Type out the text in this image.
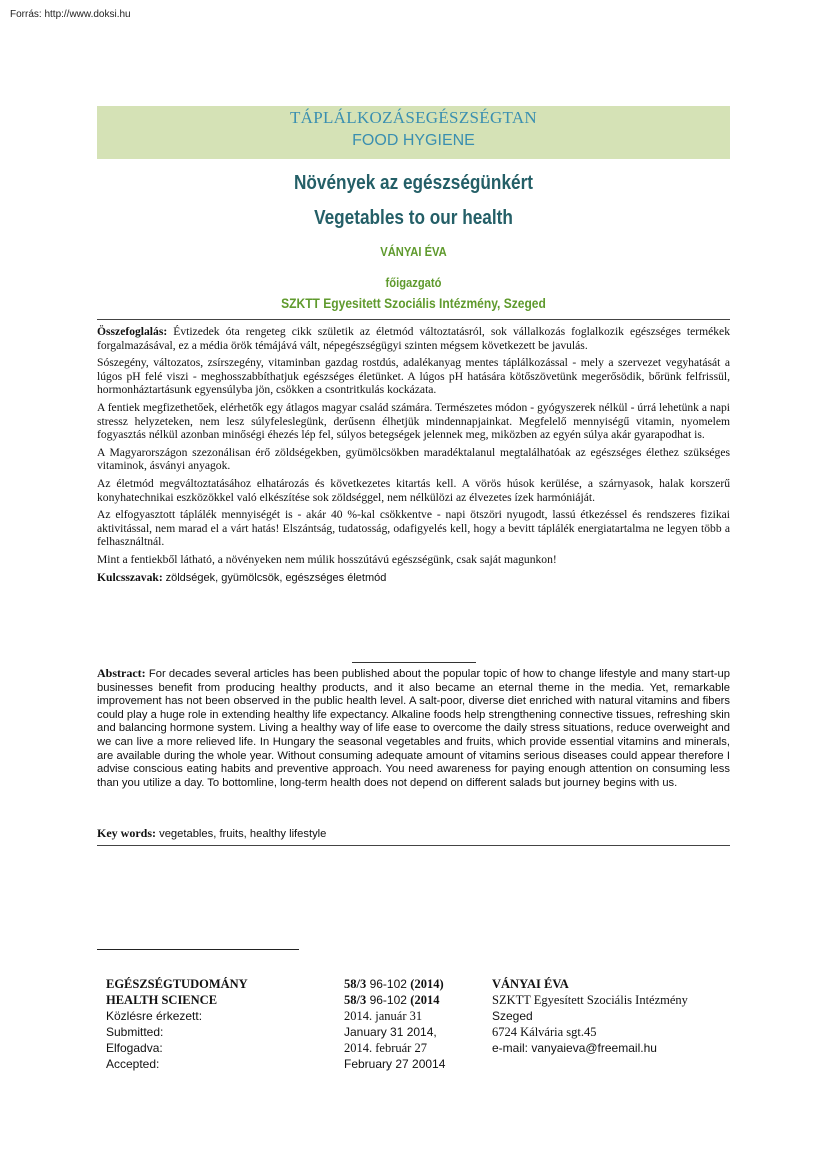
Forrás: http://www.doksi.hu
TÁPLÁLKOZÁSEGÉSZSÉGTAN
FOOD HYGIENE
Növények az egészségünkért
Vegetables to our health
VÁNYAI ÉVA
főigazgató
SZKTT Egyesitett Szociális Intézmény, Szeged

Összefoglalás: Évtizedek óta rengeteg cikk születik az életmód változtatásról, sok vállalkozás foglalkozik egészséges termékek forgalmazásával, ez a média örök témájává vált, népegészségügyi szinten mégsem következett be javulás.

Sószegény, változatos, zsírszegény, vitaminban gazdag rostdús, adalékanyag mentes táplálkozással - mely a szervezet vegyhatását a lúgos pH felé viszi - meghosszabbíthatjuk egészséges életünket. A lúgos pH hatására kötőszövetünk megerősödik, bőrünk felfrissül, hormonháztartásunk egyensúlyba jön, csökken a csontritkulás kockázata.

A fentiek megfizethetőek, elérhetők egy átlagos magyar család számára. Természetes módon - gyógyszerek nélkül - úrrá lehetünk a napi stressz helyzeteken, nem lesz súlyfeleslegünk, derűsenn élhetjük mindennapjainkat. Megfelelő mennyiségű vitamin, nyomelem fogyasztás nélkül azonban minőségi éhezés lép fel, súlyos betegségek jelennek meg, miközben az egyén súlya akár gyarapodhat is.

A Magyarországon szezonálisan érő zöldségekben, gyümölcsökben maradéktalanul megtalálhatóak az egészséges élethez szükséges vitaminok, ásványi anyagok.

Az életmód megváltoztatásához elhatározás és következetes kitartás kell. A vörös húsok kerülése, a szárnyasok, halak korszerű konyhatechnikai eszközökkel való elkészítése sok zöldséggel, nem nélkülözi az élvezetes ízek harmóniáját.

Az elfogyasztott táplálék mennyiségét is - akár 40 %-kal csökkentve - napi ötszöri nyugodt, lassú étkezéssel és rendszeres fizikai aktivitással, nem marad el a várt hatás! Elszántság, tudatosság, odafigyelés kell, hogy a bevitt táplálék energiatartalma ne legyen több a felhasználtnál.

Mint a fentiekből látható, a növényeken nem múlik hosszútávú egészségünk, csak saját magunkon!

Kulcsszavak: zöldségek, gyümölcsök, egészséges életmód

Abstract: For decades several articles has been published about the popular topic of how to change lifestyle and many start-up businesses benefit from producing healthy products, and it also became an eternal theme in the media. Yet, remarkable improvement has not been observed in the public health level. A salt-poor, diverse diet enriched with natural vitamins and fibers could play a huge role in extending healthy life expectancy. Alkaline foods help strengthening connective tissues, refreshing skin and balancing hormone system. Living a healthy way of life ease to overcome the daily stress situations, reduce overweight and we can live a more relieved life. In Hungary the seasonal vegetables and fruits, which provide essential vitamins and minerals, are available during the whole year. Without consuming adequate amount of vitamins serious diseases could appear therefore I advise conscious eating habits and preventive approach. You need awareness for paying enough attention on consuming less than you utilize a day. To bottomline, long-term health does not depend on different salads but journey begins with us.
Key words: vegetables, fruits, healthy lifestyle
EGÉSZSÉGTUDOMÁNY
HEALTH SCIENCE
Közlésre érkezett:
Submitted:
Elfogadva:
Accepted:
58/3 96-102 (2014)
58/3 96-102 (2014
2014. január 31
January 31 2014,
2014. február 27
February 27 20014
VÁNYAI ÉVA
SZKTT Egyesített Szociális Intézmény
Szeged
6724 Kálvária sgt.45
e-mail: vanyaieva@freemail.hu
